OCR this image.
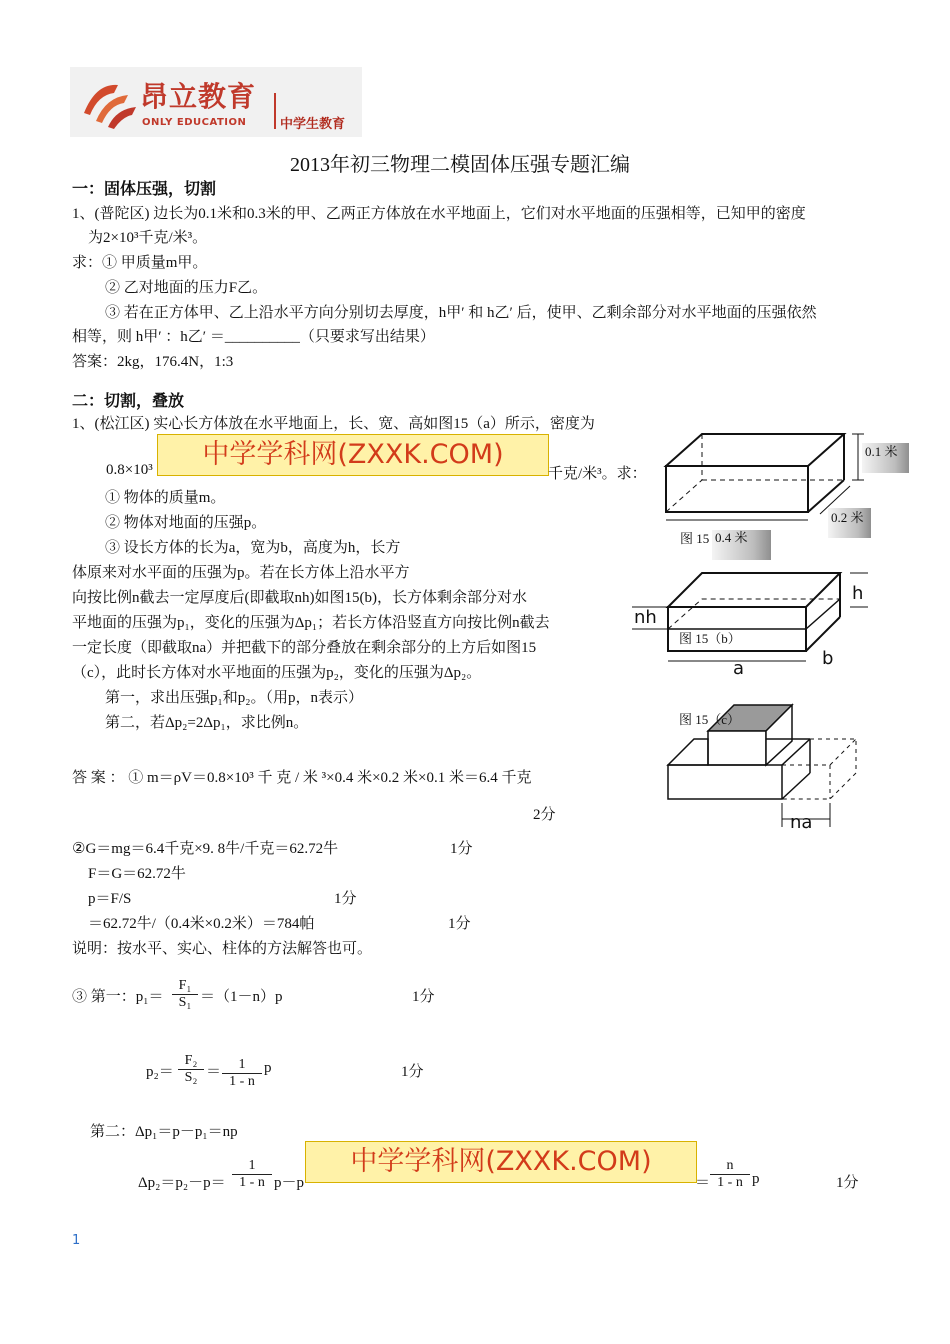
昂立教育
ONLY EDUCATION	中学生教育
2013年初三物理二模固体压强专题汇编
一：固体压强，切割
1、(普陀区) 边长为0.1米和0.3米的甲、乙两正方体放在水平地面上，它们对水平地面的压强相等，已知甲的密度
为2×10³千克/米³。
求：① 甲质量m甲。
② 乙对地面的压力F乙。
③ 若在正方体甲、乙上沿水平方向分别切去厚度，h甲′ 和 h乙′ 后，使甲、乙剩余部分对水平地面的压强依然
相等，则 h甲′ ：h乙′ ＝__________（只要求写出结果）
答案：2kg，176.4N，1:3
二：切割，叠放
1、(松江区) 实心长方体放在水平地面上，长、宽、高如图15（a）所示，密度为
0.8×10³	中学学科网(ZXXK.COM)
千克/米³。求：
① 物体的质量m。
② 物体对地面的压强p。
③ 设长方体的长为a，宽为b，高度为h，长方
体原来对水平面的压强为p。若在长方体上沿水平方
向按比例n截去一定厚度后(即截取nh)如图15(b)，长方体剩余部分对水
平地面的压强为p₁，变化的压强为Δp₁；若长方体沿竖直方向按比例n截去
一定长度（即截取na）并把截下的部分叠放在剩余部分的上方后如图15
（c），此时长方体对水平地面的压强为p₂，变化的压强为Δp₂。
第一，求出压强p₁和p₂。（用p，n表示）
第二，若Δp₂=2Δp₁，求比例n。
0.1 米
0.2 米
图 15 0.4 米
nh
h
a	b
图 15（b）
图 15（c）
na
答 案 ： ① m＝ρV＝0.8×10³ 千 克 / 米 ³×0.4 米×0.2 米×0.1 米＝6.4 千克
2分
②G＝mg＝6.4千克×9. 8牛/千克＝62.72牛	1分
F＝G＝62.72牛
p＝F/S	1分
＝62.72牛/（0.4米×0.2米）＝784帕	1分
说明：按水平、实心、柱体的方法解答也可。
③ 第一：$p_1= \frac{\text{F₁}}{\text{S₁}} =(1-n)p$	1分
$p_2= \frac{\text{F₂}}{\text{S₂}} = \frac{1}{1 - n}$ p	1分
第二：Δp₁＝p－p₁＝np
$\Delta p_2=p_2-p= \frac{1}{1 - n} p-p$
中学学科网(ZXXK.COM)
＝ $\frac{n}{1 - n}$ p	1分
1
